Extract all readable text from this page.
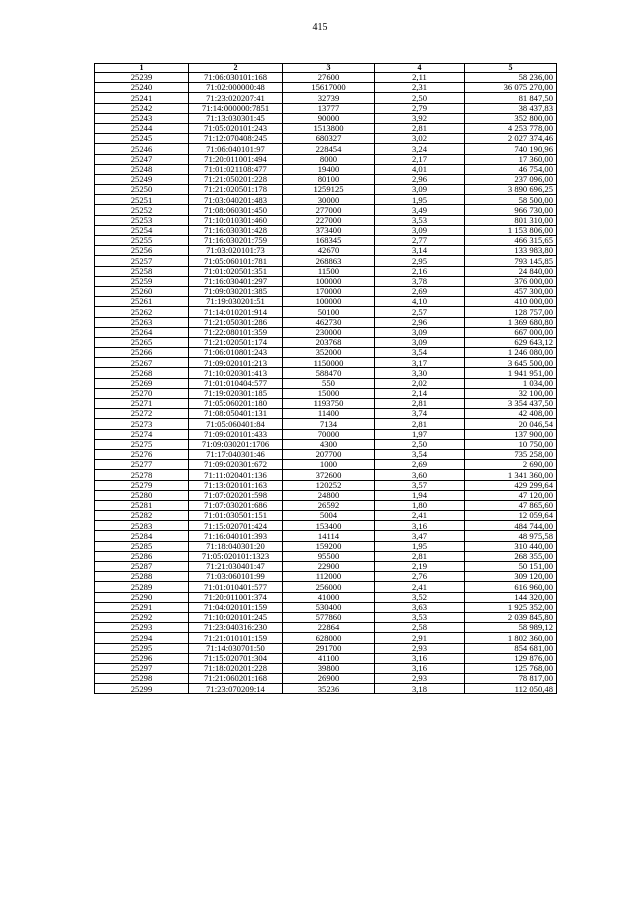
415
1	2	3	4	5
25239	71:06:030101:168	27600	2,11	58 236,00
25240	71:02:000000:48	15617000	2,31	36 075 270,00
25241	71:23:020207:41	32739	2,50	81 847,50
25242	71:14:000000:7851	13777	2,79	38 437,83
25243	71:13:030301:45	90000	3,92	352 800,00
25244	71:05:020101:243	1513800	2,81	4 253 778,00
25245	71:12:070408:245	680327	3,02	2 027 374,46
25246	71:06:040101:97	228454	3,24	740 190,96
25247	71:20:011001:494	8000	2,17	17 360,00
25248	71:01:021108:477	19400	4,01	46 754,00
25249	71:21:050201:228	80100	2,96	237 096,00
25250	71:21:020501:178	1259125	3,09	3 890 696,25
25251	71:03:040201:483	30000	1,95	58 500,00
25252	71:08:060301:450	277000	3,49	966 730,00
25253	71:10:010301:460	227000	3,53	801 310,00
25254	71:16:030301:428	373400	3,09	1 153 806,00
25255	71:16:030201:759	168345	2,77	466 315,65
25256	71:03:020101:73	42670	3,14	133 983,80
25257	71:05:060101:781	268863	2,95	793 145,85
25258	71:01:020501:351	11500	2,16	24 840,00
25259	71:16:030401:297	100000	3,78	376 000,00
25260	71:09:030201:385	170000	2,69	457 300,00
25261	71:19:030201:51	100000	4,10	410 000,00
25262	71:14:010201:914	50100	2,57	128 757,00
25263	71:21:050301:286	462730	2,96	1 369 680,80
25264	71:22:080101:359	230000	3,09	667 000,00
25265	71:21:020501:174	203768	3,09	629 643,12
25266	71:06:010801:243	352000	3,54	1 246 080,00
25267	71:09:020101:213	1150000	3,17	3 645 500,00
25268	71:10:020301:413	588470	3,30	1 941 951,00
25269	71:01:010404:577	550	2,02	1 034,00
25270	71:19:020301:185	15000	2,14	32 100,00
25271	71:05:060201:180	1193750	2,81	3 354 437,50
25272	71:08:050401:131	11400	3,74	42 408,00
25273	71:05:060401:84	7134	2,81	20 046,54
25274	71:09:020101:433	70000	1,97	137 900,00
25275	71:09:030201:1706	4300	2,50	10 750,00
25276	71:17:040301:46	207700	3,54	735 258,00
25277	71:09:020301:672	1000	2,69	2 690,00
25278	71:11:020401:136	372600	3,60	1 341 360,00
25279	71:13:020101:163	120252	3,57	429 299,64
25280	71:07:020201:598	24800	1,94	47 120,00
25281	71:07:030201:686	26592	1,80	47 865,60
25282	71:01:030501:151	5004	2,41	12 059,64
25283	71:15:020701:424	153400	3,16	484 744,00
25284	71:16:040101:393	14114	3,47	48 975,58
25285	71:18:040301:20	159200	1,95	310 440,00
25286	71:05:020101:1323	95500	2,81	268 355,00
25287	71:21:030401:47	22900	2,19	50 151,00
25288	71:03:060101:99	112000	2,76	309 120,00
25289	71:01:010401:577	256000	2,41	616 960,00
25290	71:20:011001:374	41000	3,52	144 320,00
25291	71:04:020101:159	530400	3,63	1 925 352,00
25292	71:10:020101:245	577860	3,53	2 039 845,80
25293	71:23:040316:230	22864	2,58	58 989,12
25294	71:21:010101:159	628000	2,91	1 802 360,00
25295	71:14:030701:50	291700	2,93	854 681,00
25296	71:15:020701:304	41100	3,16	129 876,00
25297	71:18:020201:228	39800	3,16	125 768,00
25298	71:21:060201:168	26900	2,93	78 817,00
25299	71:23:070209:14	35236	3,18	112 050,48
